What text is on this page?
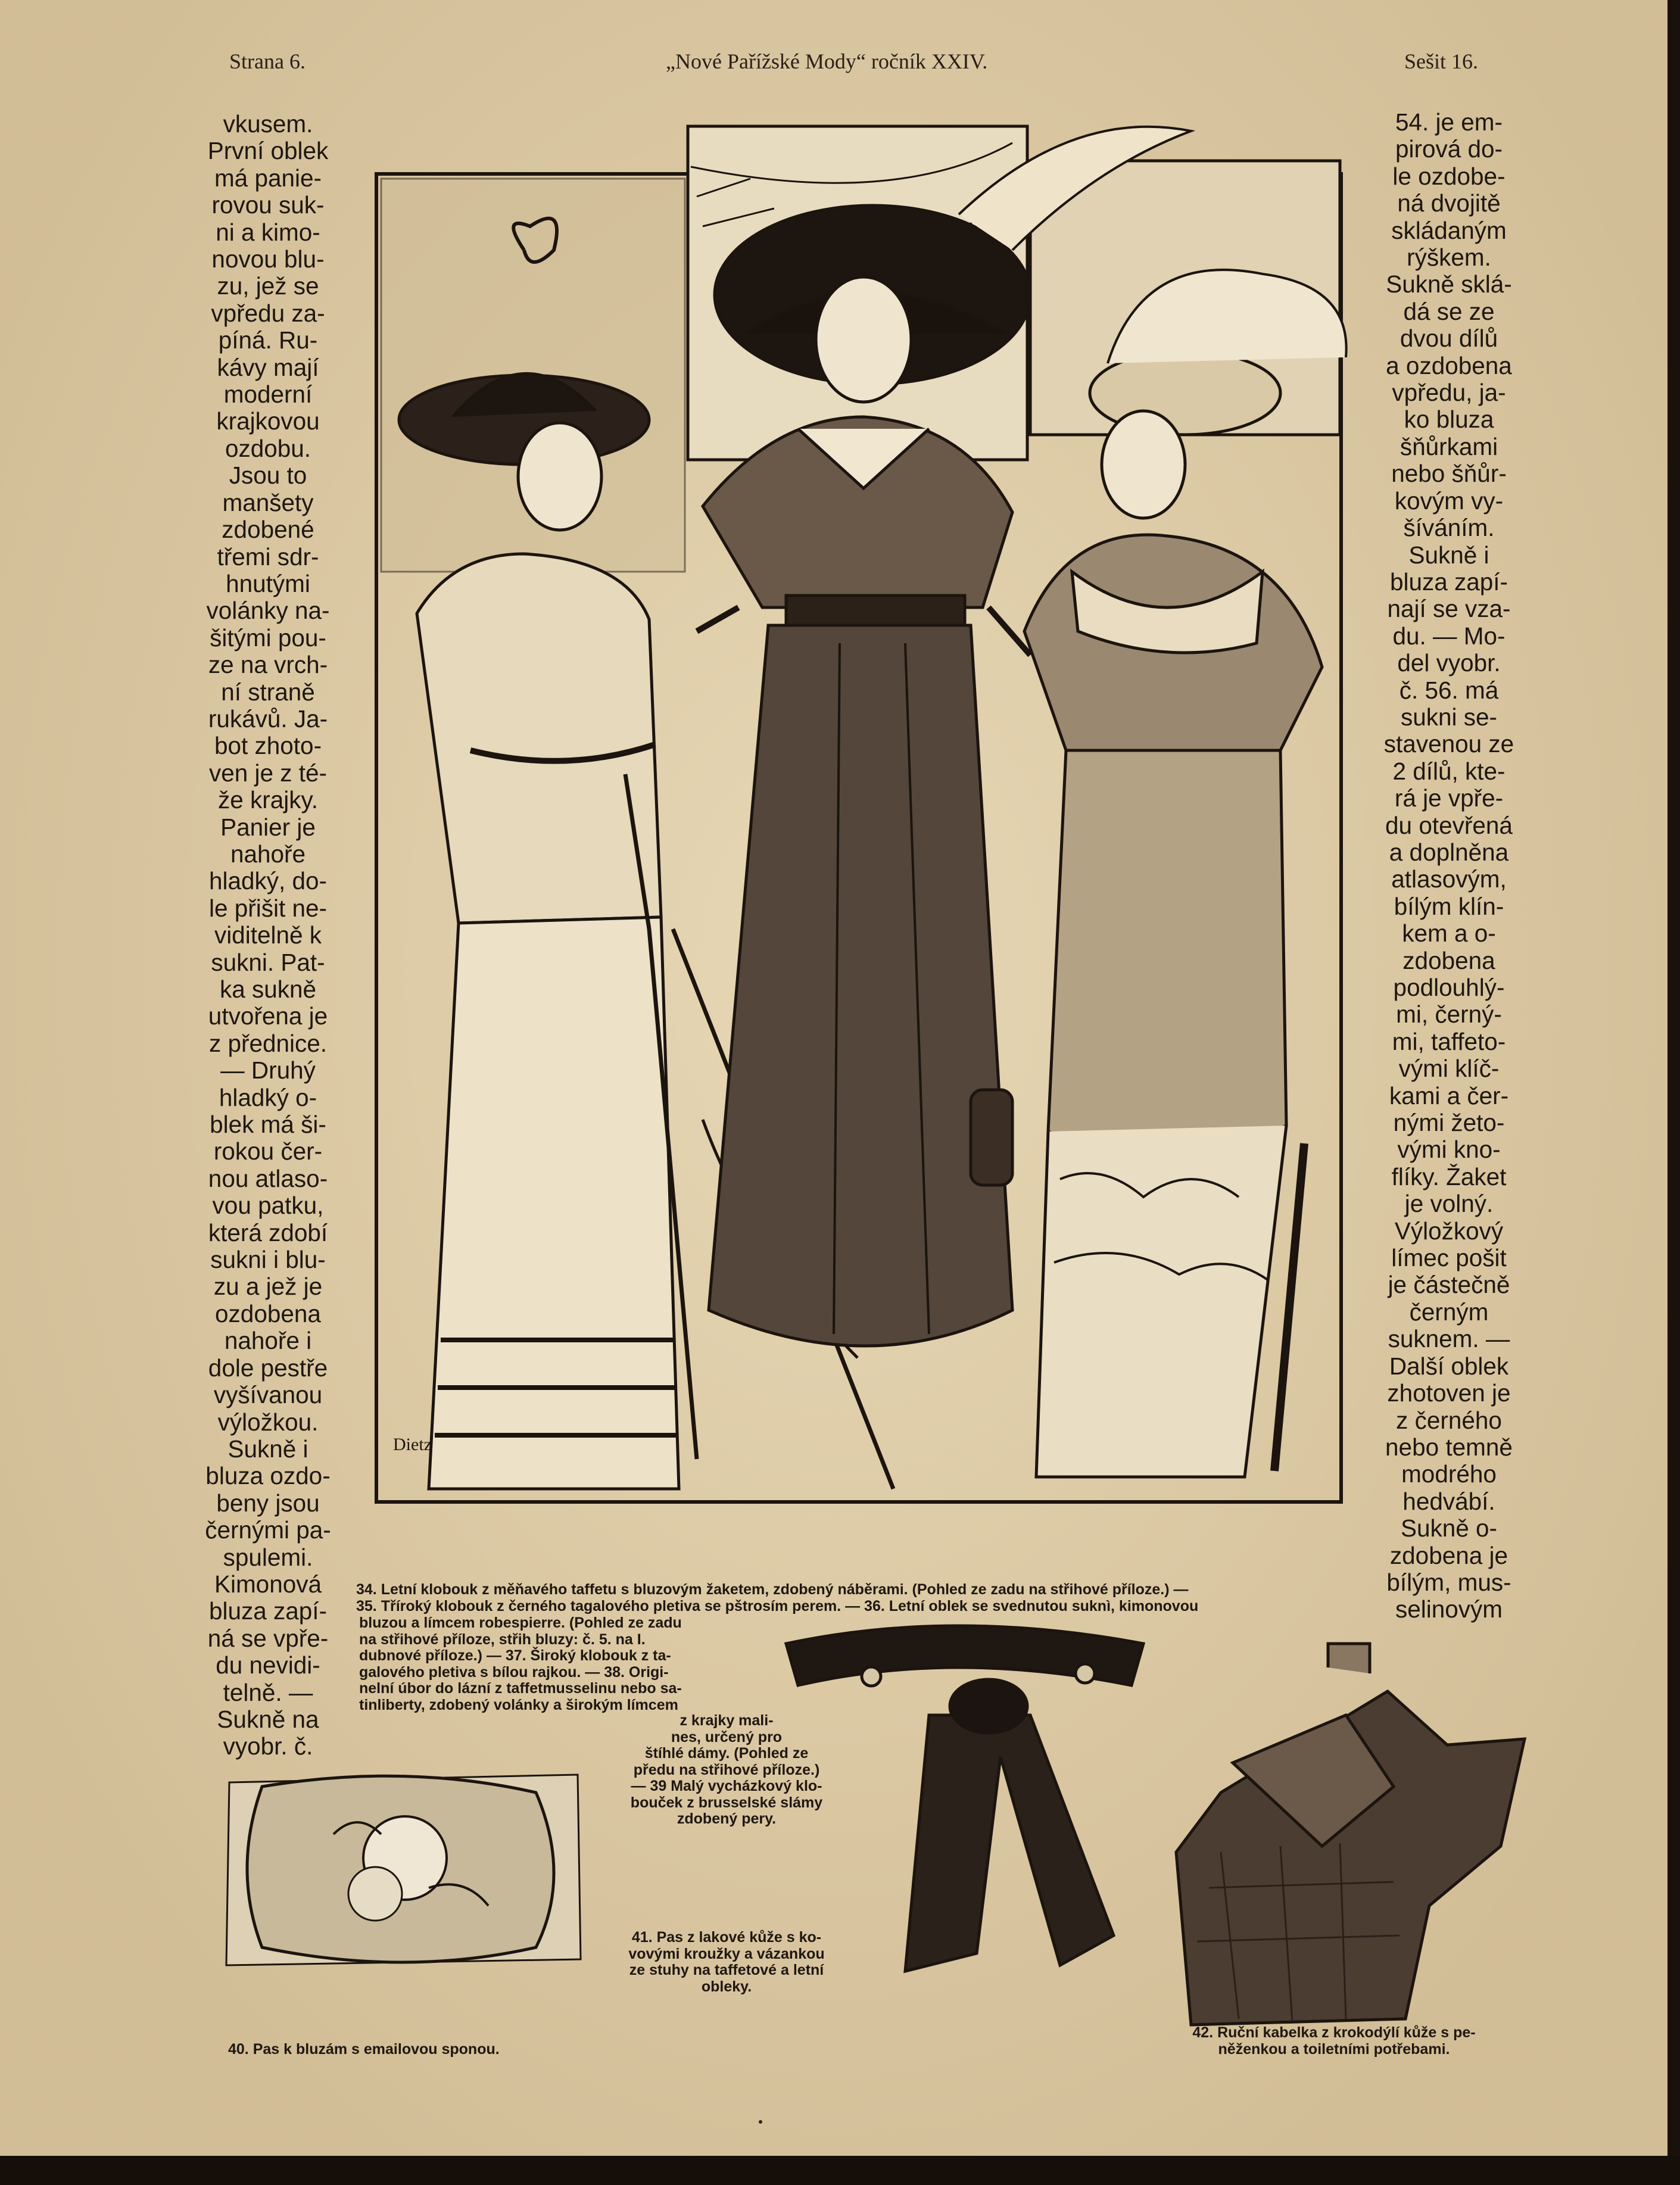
Strana 6.	„Nové Pařížské Mody“ ročník XXIV.	Sešit 16.
vkusem.
První oblek
má panie-
rovou suk-
ni a kimo-
novou blu-
zu, jež se
vpředu za-
píná. Ru-
kávy mají
moderní
krajkovou
ozdobu.
Jsou to
manšety
zdobené
třemi sdr-
hnutými
volánky na-
šitými pou-
ze na vrch-
ní straně
rukávů. Ja-
bot zhoto-
ven je z té-
že krajky.
Panier je
nahoře
hladký, do-
le přišit ne-
viditelně k
sukni. Pat-
ka sukně
utvořena je
z přednice.
— Druhý
hladký o-
blek má ši-
rokou čer-
nou atlaso-
vou patku,
která zdobí
sukni i blu-
zu a jež je
ozdobena
nahoře i
dole pestře
vyšívanou
výložkou.
Sukně i
bluza ozdo-
beny jsou
černými pa-
spulemi.
Kimonová
bluza zapí-
ná se vpře-
du nevidi-
telně. —
Sukně na
vyobr. č.
54. je em-
pirová do-
le ozdobe-
ná dvojitě
skládaným
rýškem.
Sukně sklá-
dá se ze
dvou dílů
a ozdobena
vpředu, ja-
ko bluza
šňůrkami
nebo šňůr-
kovým vy-
šíváním.
Sukně i
bluza zapí-
nají se vza-
du. — Mo-
del vyobr.
č. 56. má
sukni se-
stavenou ze
2 dílů, kte-
rá je vpře-
du otevřená
a doplněna
atlasovým,
bílým klín-
kem a o-
zdobena
podlouhlý-
mi, černý-
mi, taffeto-
vými klíč-
kami a čer-
nými žeto-
vými kno-
flíky. Žaket
je volný.
Výložkový
límec pošit
je částečně
černým
suknem. —
Další oblek
zhotoven je
z černého
nebo temně
modrého
hedvábí.
Sukně o-
zdobena je
bílým, mus-
selinovým
Dietz
34. Letní klobouk z měňavého taffetu s bluzovým žaketem, zdobený náběrami. (Pohled ze zadu na střihové příloze.) —
35. Tříroký klobouk z černého tagalového pletiva se pštrosím perem. — 36. Letní oblek se svednutou suknì, kimonovou
bluzou a límcem robespierre. (Pohled ze zadu
na střihové příloze, střih bluzy: č. 5. na I.
dubnové příloze.) — 37. Široký klobouk z ta-
galového pletiva s bílou rajkou. — 38. Origi-
nelní úbor do lázní z taffetmusselinu nebo sa-
tinliberty, zdobený volánky a širokým límcem
z krajky mali-
nes, určený pro
štíhlé dámy. (Pohled ze
předu na střihové příloze.)
— 39 Malý vycházkový klo-
bouček z brusselské slámy
zdobený pery.
41. Pas z lakové kůže s ko-
vovými kroužky a vázankou
ze stuhy na taffetové a letní
obleky.
40. Pas k bluzám s emailovou sponou.
42. Ruční kabelka z krokodýlí kůže s pe-
něženkou a toiletními potřebami.
